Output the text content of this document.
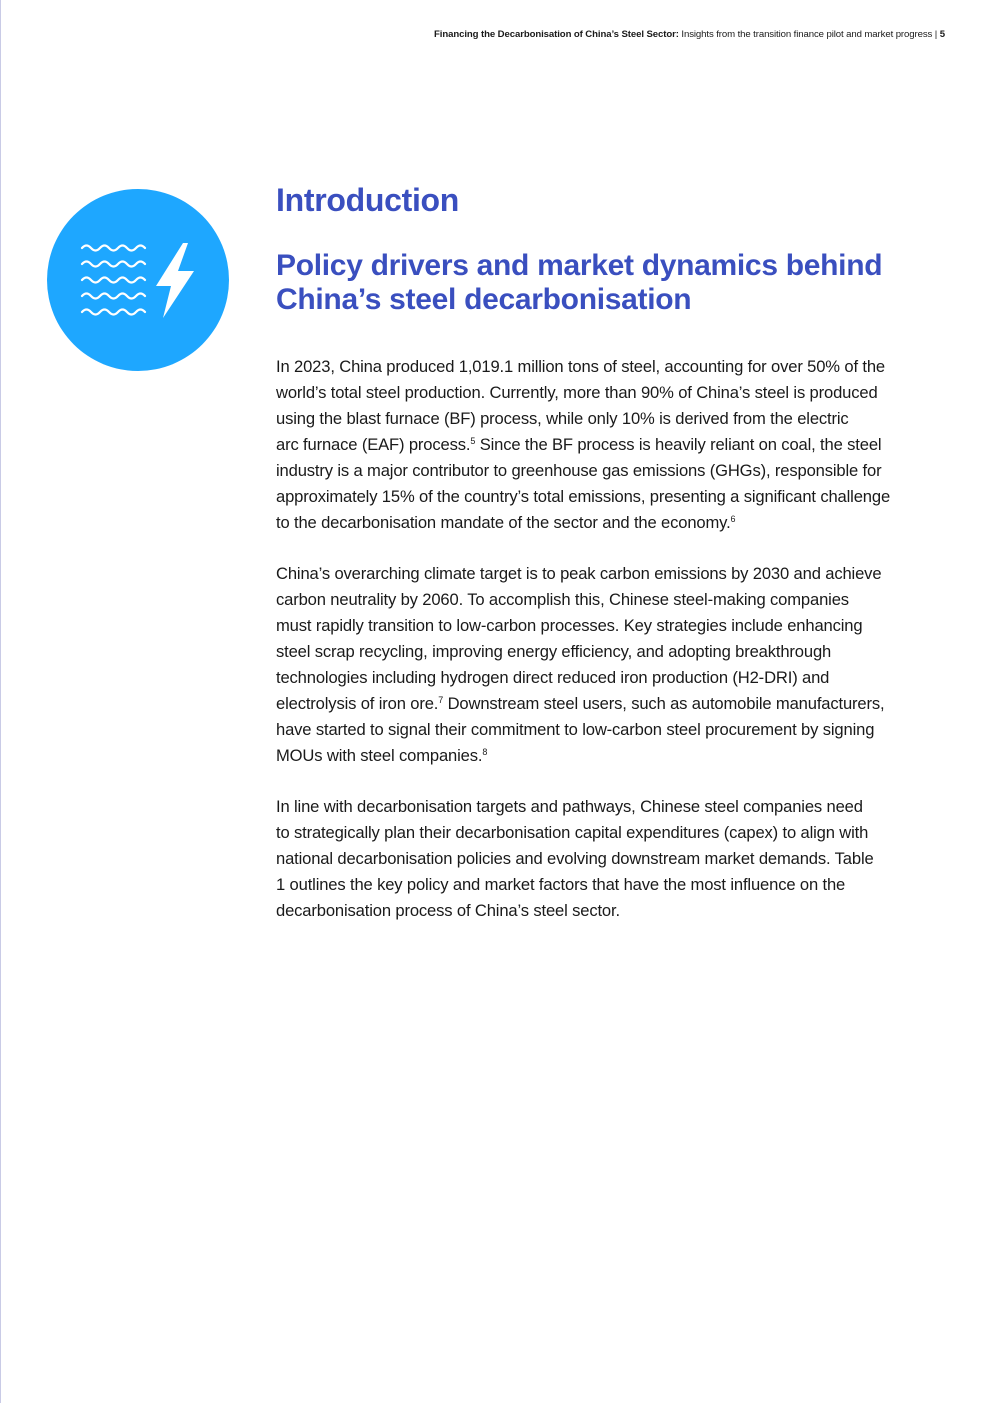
Financing the Decarbonisation of China’s Steel Sector: Insights from the transition finance pilot and market progress | 5
Introduction
Policy drivers and market dynamics behind
China’s steel decarbonisation

In 2023, China produced 1,019.1 million tons of steel, accounting for over 50% of the
world’s total steel production. Currently, more than 90% of China’s steel is produced
using the blast furnace (BF) process, while only 10% is derived from the electric
arc furnace (EAF) process.$^5$ Since the BF process is heavily reliant on coal, the steel
industry is a major contributor to greenhouse gas emissions (GHGs), responsible for
approximately 15% of the country’s total emissions, presenting a significant challenge
to the decarbonisation mandate of the sector and the economy.$^6$

China’s overarching climate target is to peak carbon emissions by 2030 and achieve
carbon neutrality by 2060. To accomplish this, Chinese steel-making companies
must rapidly transition to low-carbon processes. Key strategies include enhancing
steel scrap recycling, improving energy efficiency, and adopting breakthrough
technologies including hydrogen direct reduced iron production (H2-DRI) and
electrolysis of iron ore.$^7$ Downstream steel users, such as automobile manufacturers,
have started to signal their commitment to low-carbon steel procurement by signing
MOUs with steel companies.$^8$

In line with decarbonisation targets and pathways, Chinese steel companies need
to strategically plan their decarbonisation capital expenditures (capex) to align with
national decarbonisation policies and evolving downstream market demands. Table
1 outlines the key policy and market factors that have the most influence on the
decarbonisation process of China’s steel sector.
